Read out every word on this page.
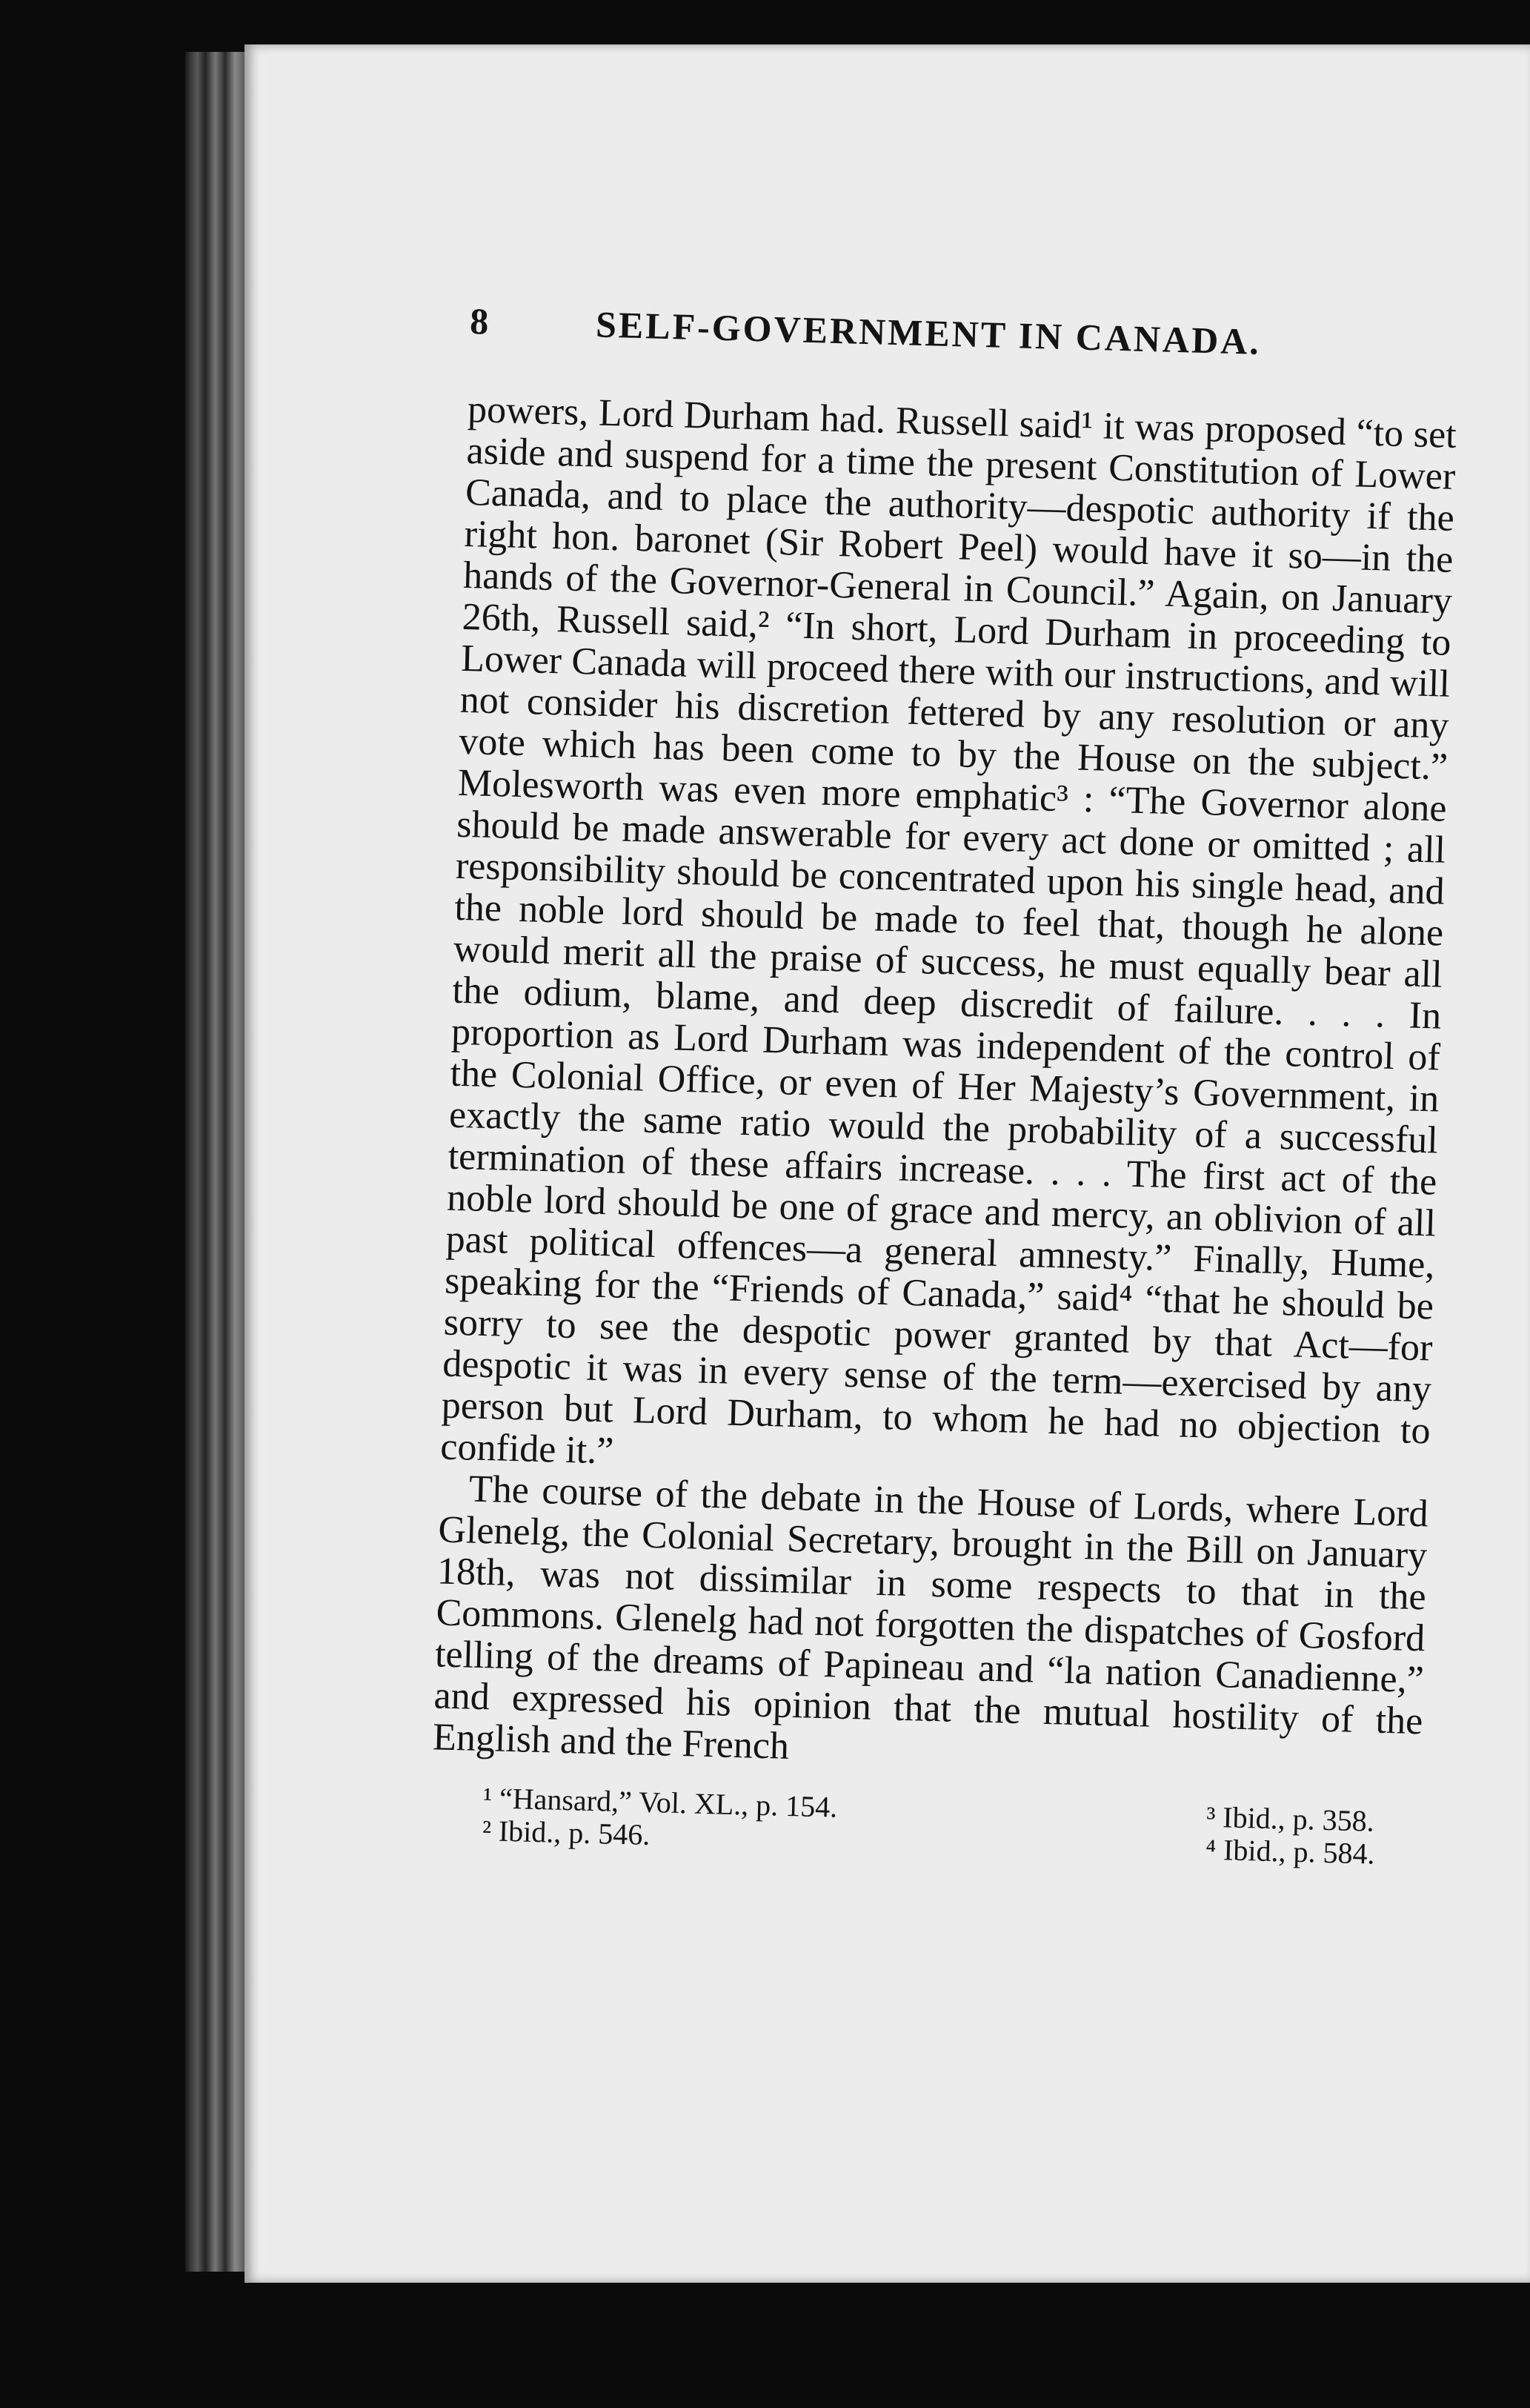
8	SELF-GOVERNMENT IN CANADA.

powers, Lord Durham had. Russell said¹ it was proposed “to set aside and suspend for a time the present Constitution of Lower Canada, and to place the authority—despotic authority if the right hon. baronet (Sir Robert Peel) would have it so—in the hands of the Governor-General in Council.” Again, on January 26th, Russell said,² “In short, Lord Durham in proceeding to Lower Canada will proceed there with our instructions, and will not consider his discretion fettered by any resolution or any vote which has been come to by the House on the subject.” Molesworth was even more emphatic³ : “The Governor alone should be made answerable for every act done or omitted ; all responsibility should be concentrated upon his single head, and the noble lord should be made to feel that, though he alone would merit all the praise of success, he must equally bear all the odium, blame, and deep discredit of failure. . . . In proportion as Lord Durham was independent of the control of the Colonial Office, or even of Her Majesty’s Government, in exactly the same ratio would the probability of a successful termination of these affairs increase. . . . The first act of the noble lord should be one of grace and mercy, an oblivion of all past political offences—a general amnesty.” Finally, Hume, speaking for the “Friends of Canada,” said⁴ “that he should be sorry to see the despotic power granted by that Act—for despotic it was in every sense of the term—exercised by any person but Lord Durham, to whom he had no objection to confide it.”

The course of the debate in the House of Lords, where Lord Glenelg, the Colonial Secretary, brought in the Bill on January 18th, was not dissimilar in some respects to that in the Commons. Glenelg had not forgotten the dispatches of Gosford telling of the dreams of Papineau and “la nation Canadienne,” and expressed his opinion that the mutual hostility of the English and the French

¹ “Hansard,” Vol. XL., p. 154.
² Ibid., p. 546.	³ Ibid., p. 358.
⁴ Ibid., p. 584.
